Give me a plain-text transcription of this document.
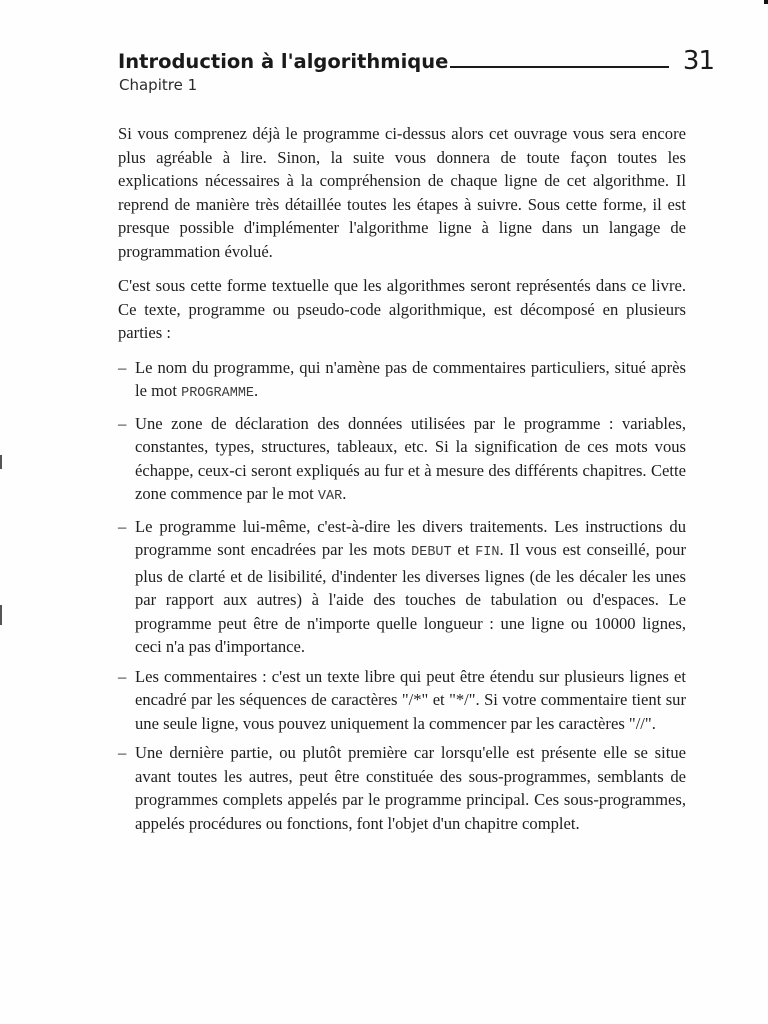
Introduction à l'algorithmique	31
Chapitre 1

Si vous comprenez déjà le programme ci-dessus alors cet ouvrage vous sera encore plus agréable à lire. Sinon, la suite vous donnera de toute façon toutes les explications nécessaires à la compréhension de chaque ligne de cet algorithme. Il reprend de manière très détaillée toutes les étapes à suivre. Sous cette forme, il est presque possible d'implémenter l'algorithme ligne à ligne dans un langage de programmation évolué.

C'est sous cette forme textuelle que les algorithmes seront représentés dans ce livre. Ce texte, programme ou pseudo-code algorithmique, est décomposé en plusieurs parties :

– Le nom du programme, qui n'amène pas de commentaires particuliers, situé après le mot PROGRAMME.
– Une zone de déclaration des données utilisées par le programme : variables, constantes, types, structures, tableaux, etc. Si la signification de ces mots vous échappe, ceux-ci seront expliqués au fur et à mesure des différents chapitres. Cette zone commence par le mot VAR.
– Le programme lui-même, c'est-à-dire les divers traitements. Les instructions du programme sont encadrées par les mots DEBUT et FIN. Il vous est conseillé, pour plus de clarté et de lisibilité, d'indenter les diverses lignes (de les décaler les unes par rapport aux autres) à l'aide des touches de tabulation ou d'espaces. Le programme peut être de n'importe quelle longueur : une ligne ou 10000 lignes, ceci n'a pas d'importance.
– Les commentaires : c'est un texte libre qui peut être étendu sur plusieurs lignes et encadré par les séquences de caractères "/*" et "*/". Si votre commentaire tient sur une seule ligne, vous pouvez uniquement la commencer par les caractères "//".
– Une dernière partie, ou plutôt première car lorsqu'elle est présente elle se situe avant toutes les autres, peut être constituée des sous-programmes, semblants de programmes complets appelés par le programme principal. Ces sous-programmes, appelés procédures ou fonctions, font l'objet d'un chapitre complet.
